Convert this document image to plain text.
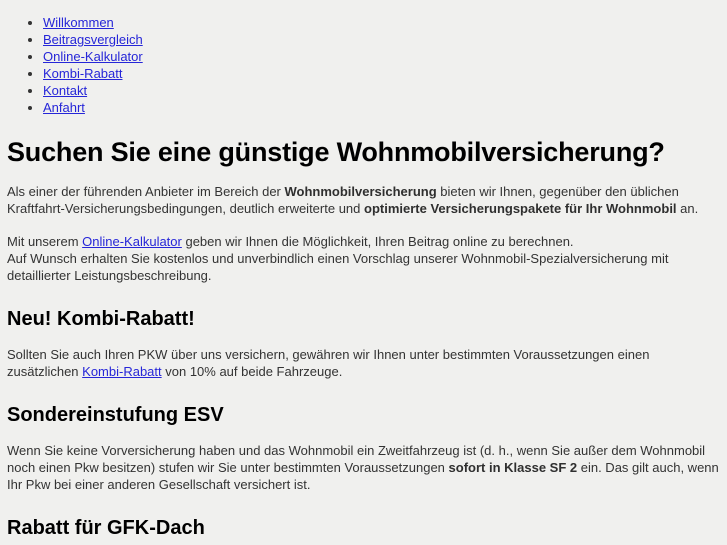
• Willkommen
• Beitragsvergleich
• Online-Kalkulator
• Kombi-Rabatt
• Kontakt
• Anfahrt
Suchen Sie eine günstige Wohnmobilversicherung?

Als einer der führenden Anbieter im Bereich der Wohnmobilversicherung bieten wir Ihnen, gegenüber den üblichen Kraftfahrt-Versicherungsbedingungen, deutlich erweiterte und optimierte Versicherungspakete für Ihr Wohnmobil an.

Mit unserem Online-Kalkulator geben wir Ihnen die Möglichkeit, Ihren Beitrag online zu berechnen.
Auf Wunsch erhalten Sie kostenlos und unverbindlich einen Vorschlag unserer Wohnmobil-Spezialversicherung mit detaillierter Leistungsbeschreibung.

Neu! Kombi-Rabatt!

Sollten Sie auch Ihren PKW über uns versichern, gewähren wir Ihnen unter bestimmten Voraussetzungen einen zusätzlichen Kombi-Rabatt von 10% auf beide Fahrzeuge.

Sondereinstufung ESV

Wenn Sie keine Vorversicherung haben und das Wohnmobil ein Zweitfahrzeug ist (d. h., wenn Sie außer dem Wohnmobil noch einen Pkw besitzen) stufen wir Sie unter bestimmten Voraussetzungen sofort in Klasse SF 2 ein. Das gilt auch, wenn Ihr Pkw bei einer anderen Gesellschaft versichert ist.

Rabatt für GFK-Dach
